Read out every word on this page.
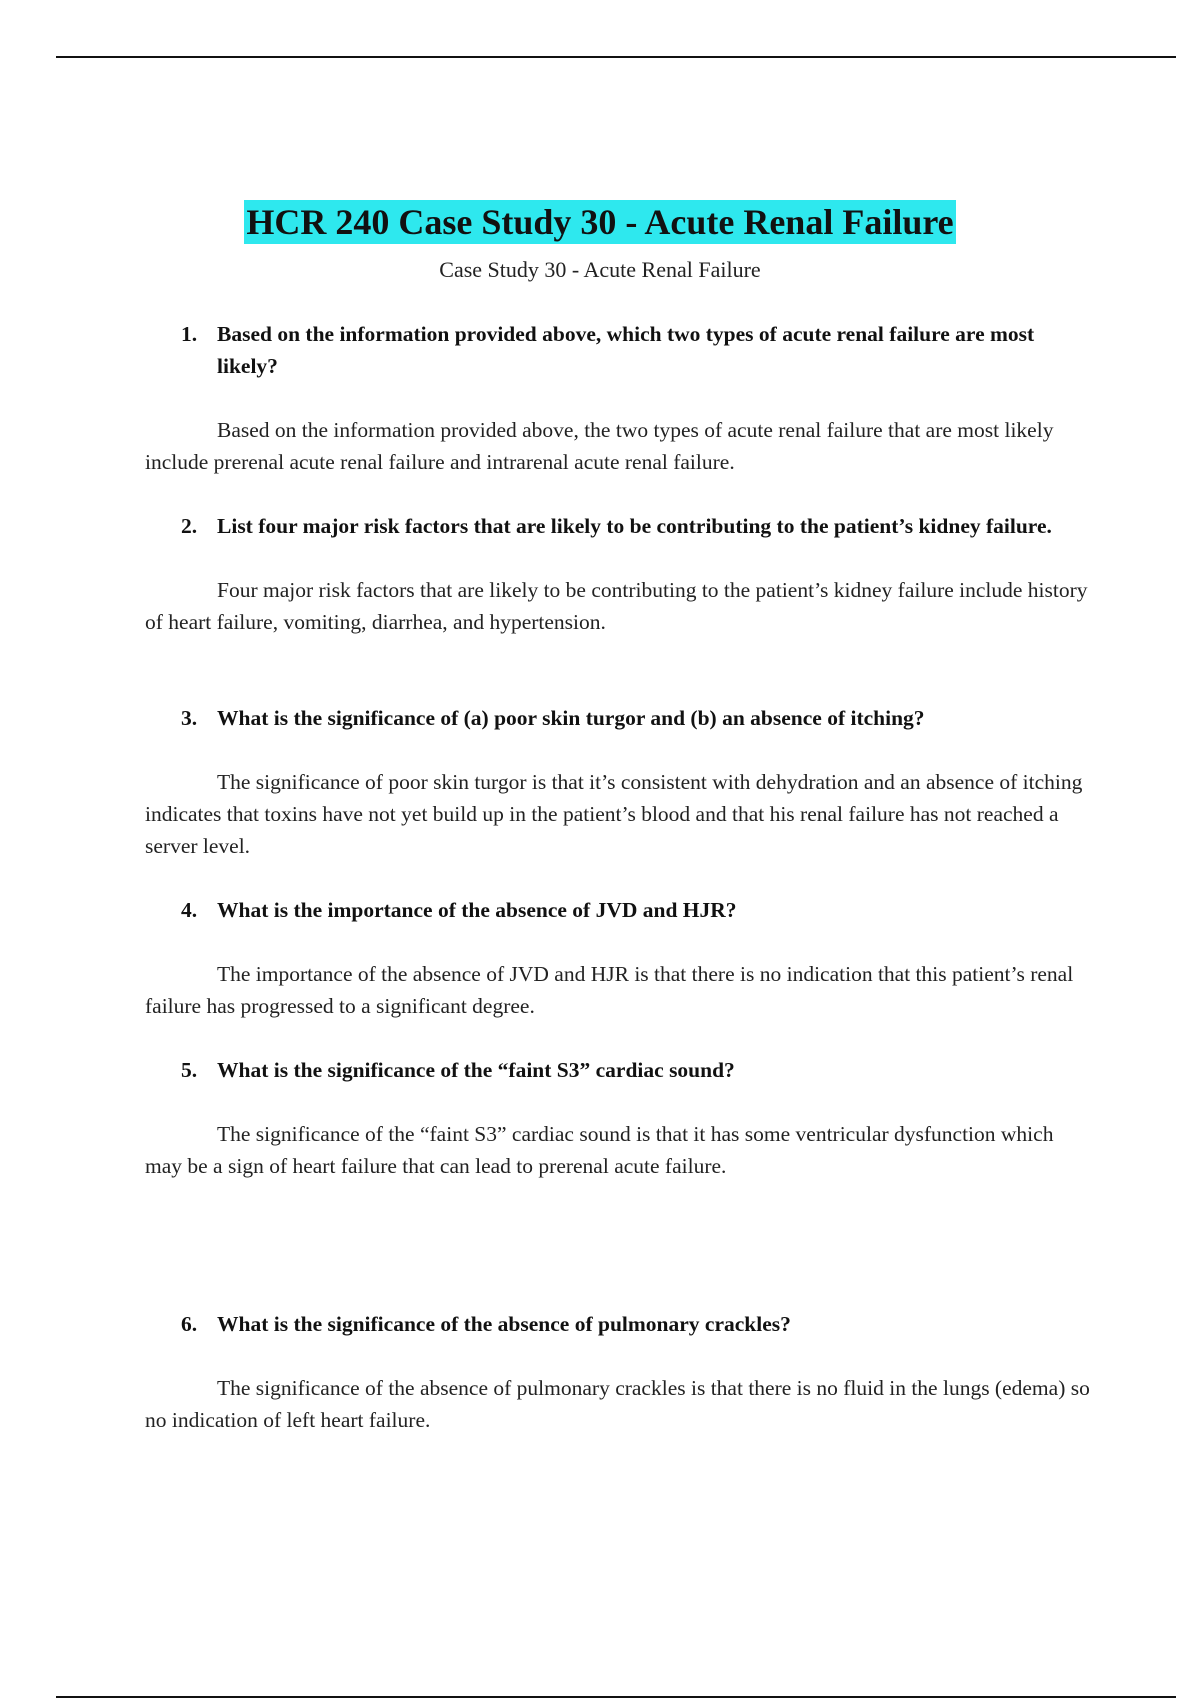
HCR 240 Case Study 30 - Acute Renal Failure
Case Study 30 - Acute Renal Failure
1. Based on the information provided above, which two types of acute renal failure are most likely?
Based on the information provided above, the two types of acute renal failure that are most likely include prerenal acute renal failure and intrarenal acute renal failure.
2. List four major risk factors that are likely to be contributing to the patient’s kidney failure.
Four major risk factors that are likely to be contributing to the patient’s kidney failure include history of heart failure, vomiting, diarrhea, and hypertension.
3. What is the significance of (a) poor skin turgor and (b) an absence of itching?
The significance of poor skin turgor is that it’s consistent with dehydration and an absence of itching indicates that toxins have not yet build up in the patient’s blood and that his renal failure has not reached a server level.
4. What is the importance of the absence of JVD and HJR?
The importance of the absence of JVD and HJR is that there is no indication that this patient’s renal failure has progressed to a significant degree.
5. What is the significance of the “faint S3” cardiac sound?
The significance of the “faint S3” cardiac sound is that it has some ventricular dysfunction which may be a sign of heart failure that can lead to prerenal acute failure.
6. What is the significance of the absence of pulmonary crackles?
The significance of the absence of pulmonary crackles is that there is no fluid in the lungs (edema) so no indication of left heart failure.
